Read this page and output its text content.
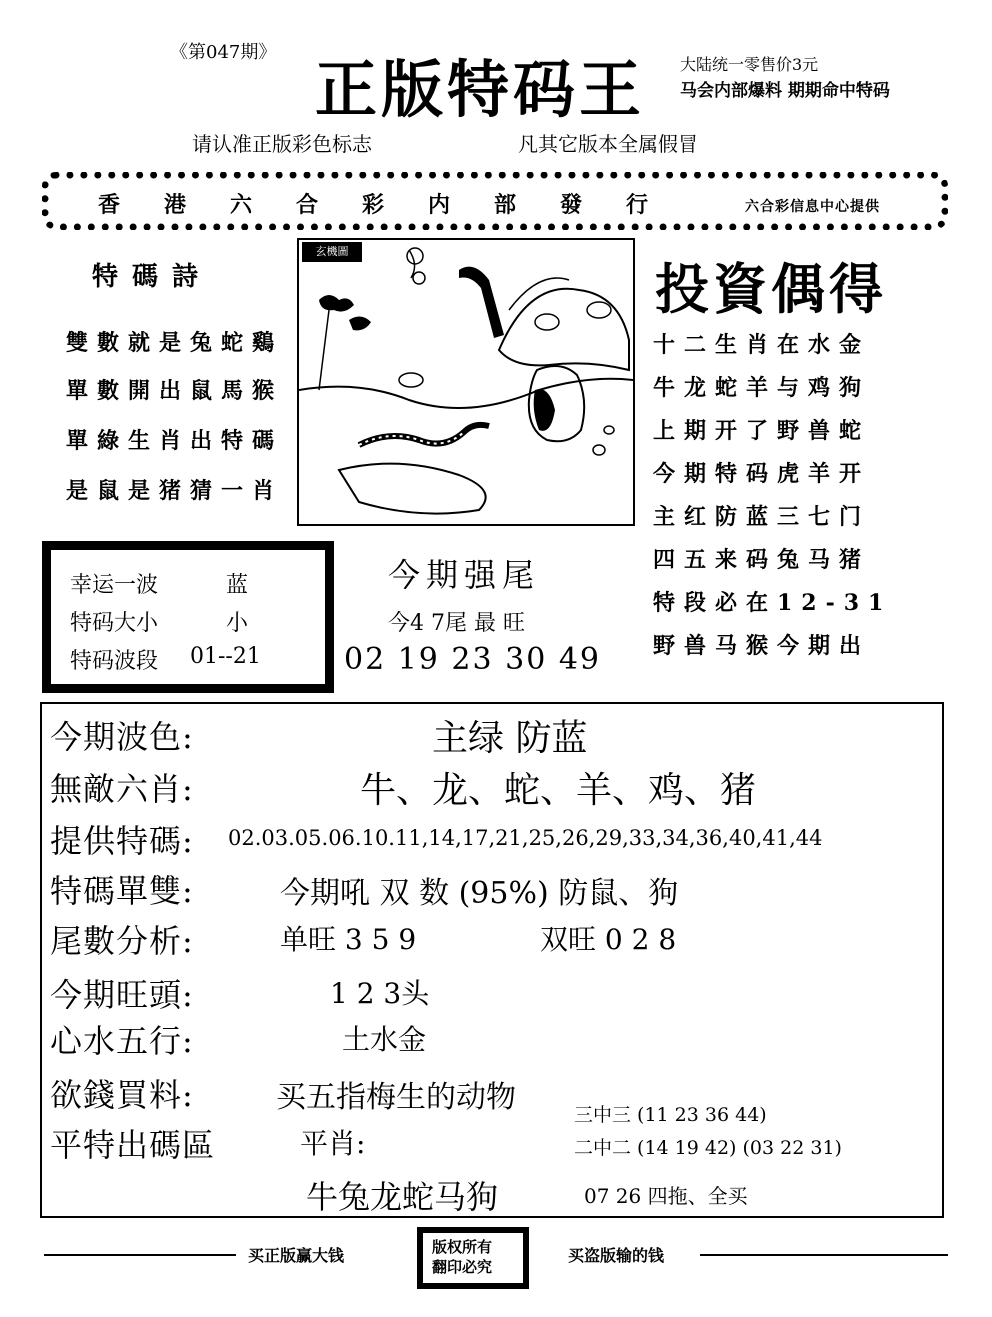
《第047期》
正版特码王 大陆统一零售价3元
马会内部爆料 期期命中特码
请认准正版彩色标志	凡其它版本全属假冒
香港六合彩内部發行	六合彩信息中心提供
特碼詩
雙數就是兔蛇鷄
單數開出鼠馬猴
單綠生肖出特碼
是鼠是猪猜一肖
玄機圖
投資偶得
十二生肖在水金
牛龙蛇羊与鸡狗
上期开了野兽蛇
今期特码虎羊开
主红防蓝三七门
四五来码兔马猪
特段必在12-31
野兽马猴今期出
幸运一波	蓝
特码大小	小
特码波段 01--21
今期强尾
今4 7尾 最 旺
02 19 23 30 49
今期波色:	主绿 防蓝
無敵六肖:	牛、龙、蛇、羊、鸡、猪
提供特碼: 02.03.05.06.10.11,14,17,21,25,26,29,33,34,36,40,41,44
特碼單雙:	今期吼 双 数 (95%) 防鼠、狗
尾數分析:	单旺 3 5 9	双旺 0 2 8
今期旺頭:	1 2 3头
心水五行:	土水金
欲錢買料:	买五指梅生的动物
平特出碼區	平肖:
三中三 (11 23 36 44)
二中二 (14 19 42) (03 22 31)
牛兔龙蛇马狗	07 26 四拖、全买
买正版赢大钱	买盗版输的钱
版权所有
翻印必究
